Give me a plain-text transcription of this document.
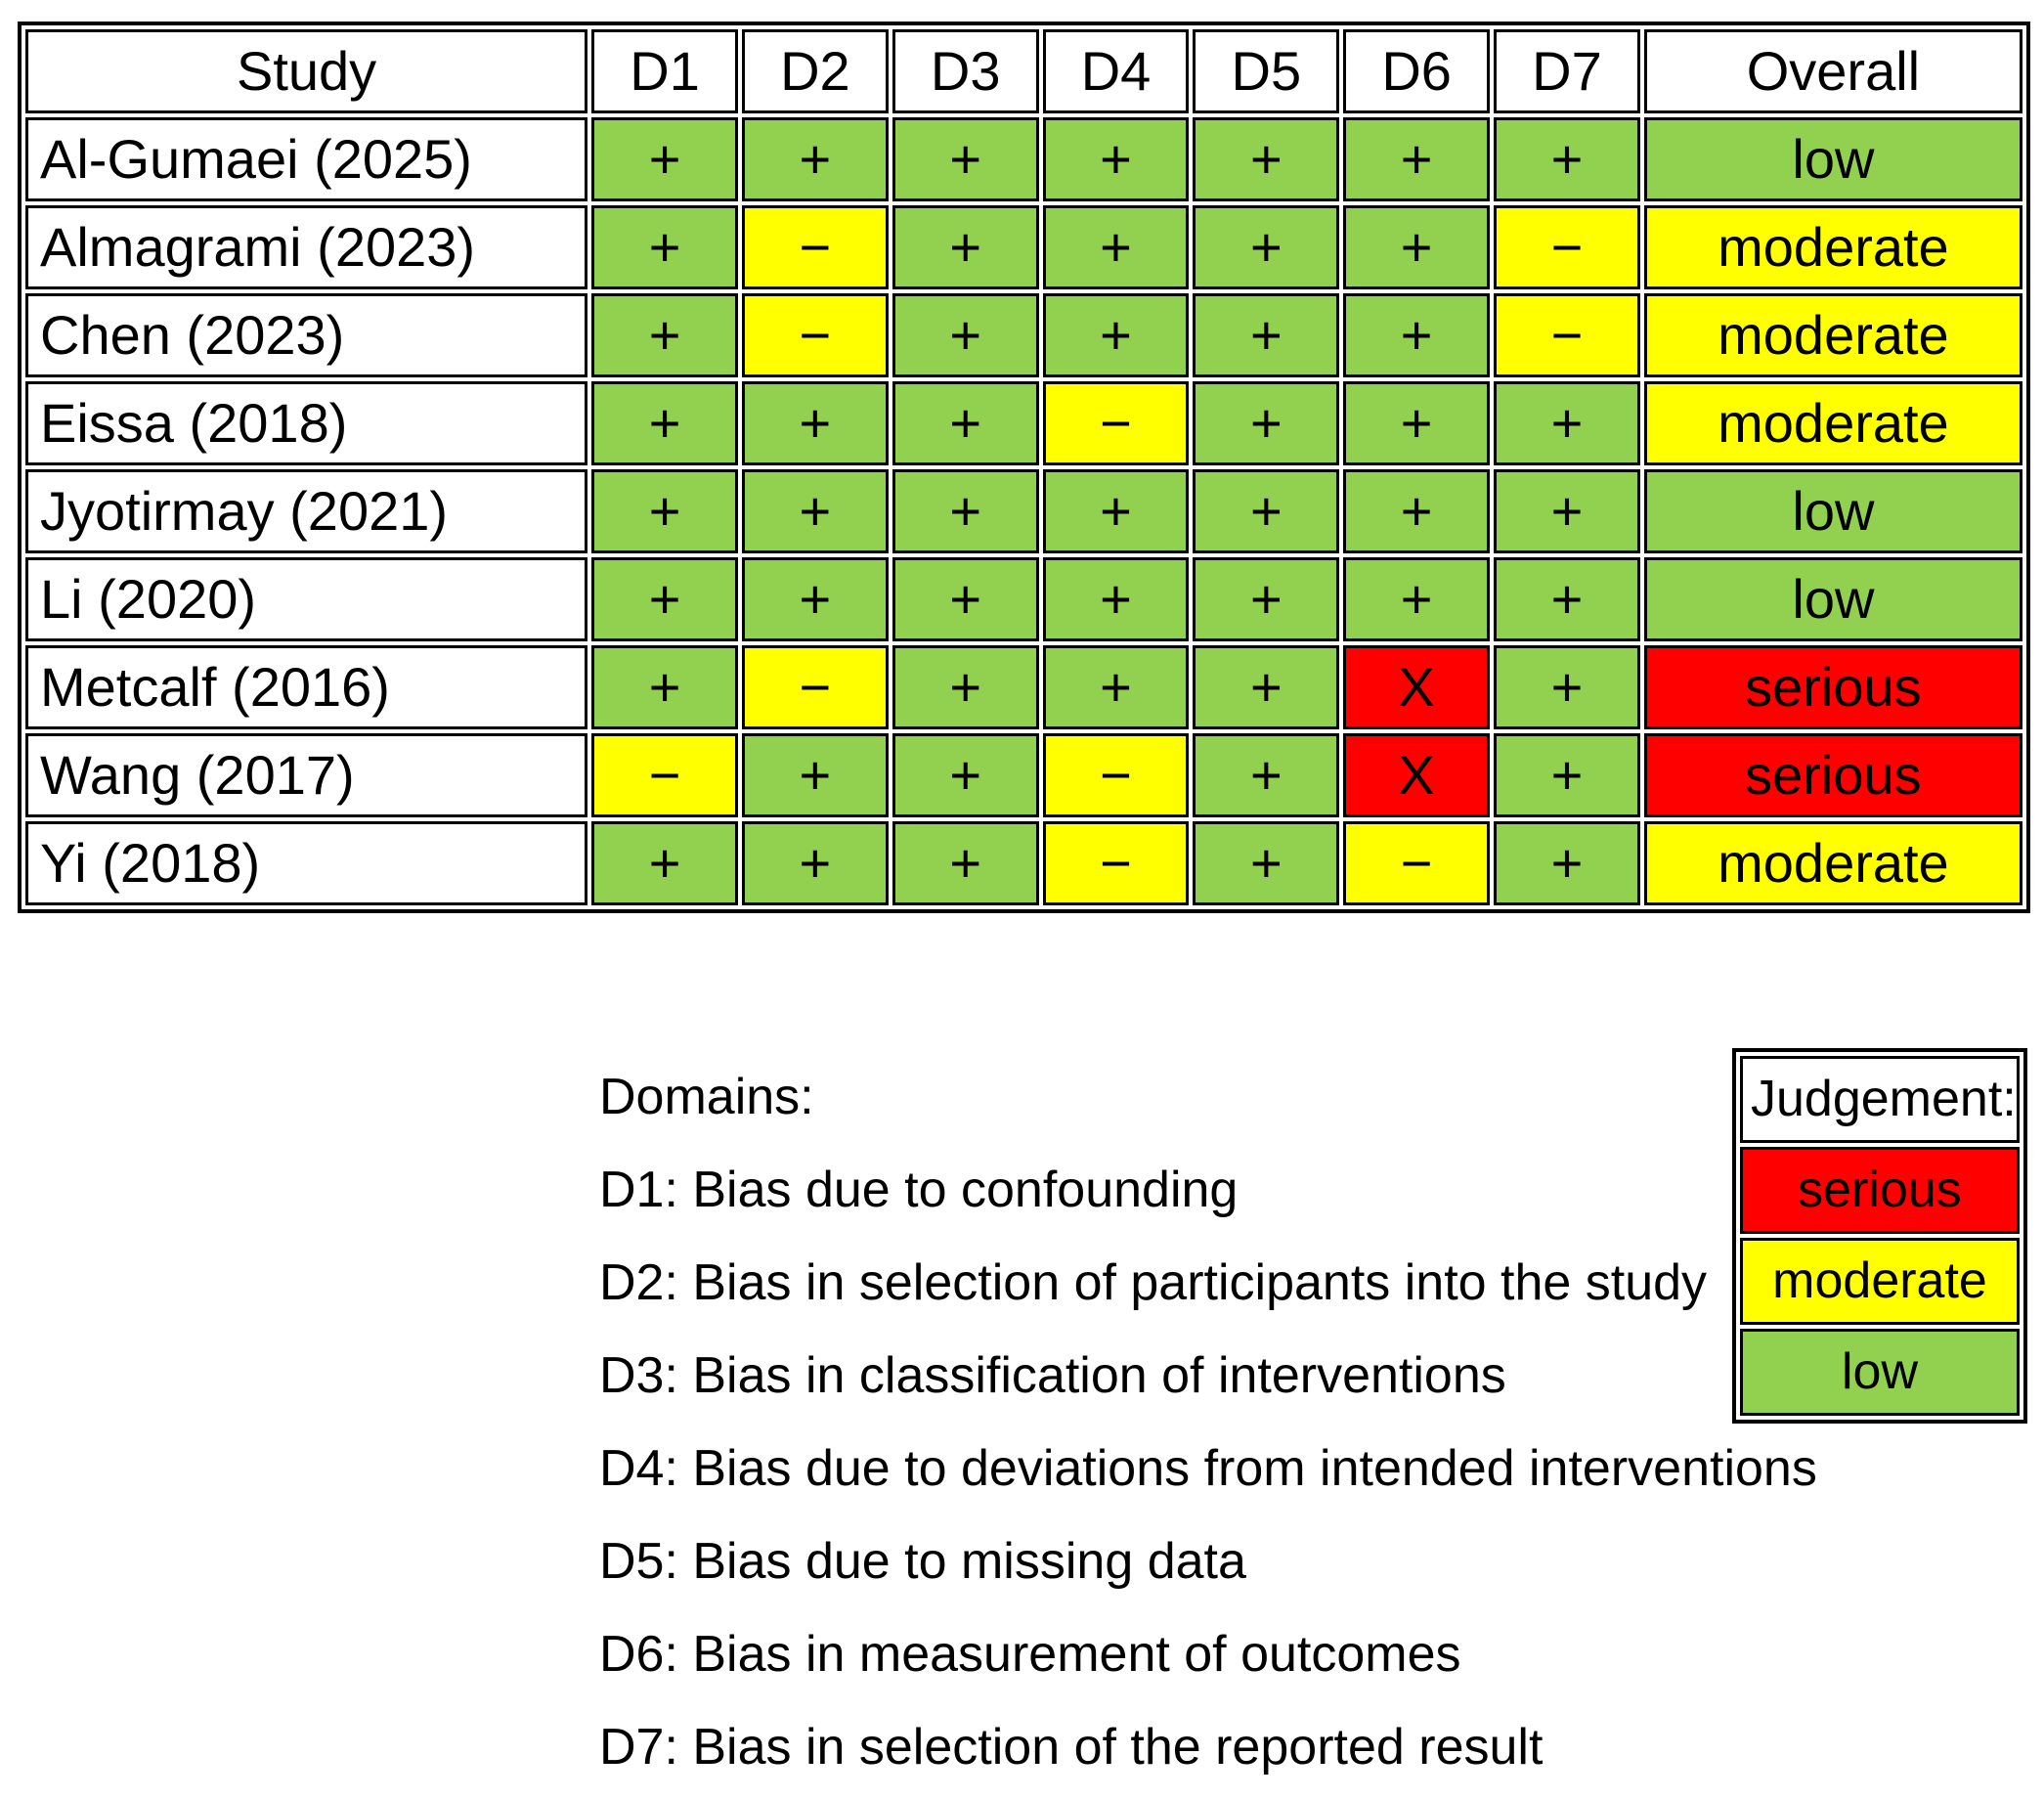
Study	D1	D2	D3	D4	D5	D6	D7	Overall
Al-Gumaei (2025)	+	+	+	+	+	+	+	low
Almagrami (2023)	+	−	+	+	+	+	−	moderate
Chen (2023)	+	−	+	+	+	+	−	moderate
Eissa (2018)	+	+	+	−	+	+	+	moderate
Jyotirmay (2021)	+	+	+	+	+	+	+	low
Li (2020)	+	+	+	+	+	+	+	low
Metcalf (2016)	+	−	+	+	+	X	+	serious
Wang (2017)	−	+	+	−	+	X	+	serious
Yi (2018)	+	+	+	−	+	−	+	moderate
Domains:
D1: Bias due to confounding
D2: Bias in selection of participants into the study
D3: Bias in classification of interventions
D4: Bias due to deviations from intended interventions
D5: Bias due to missing data
D6: Bias in measurement of outcomes
D7: Bias in selection of the reported result
Judgement:
serious
moderate
low
